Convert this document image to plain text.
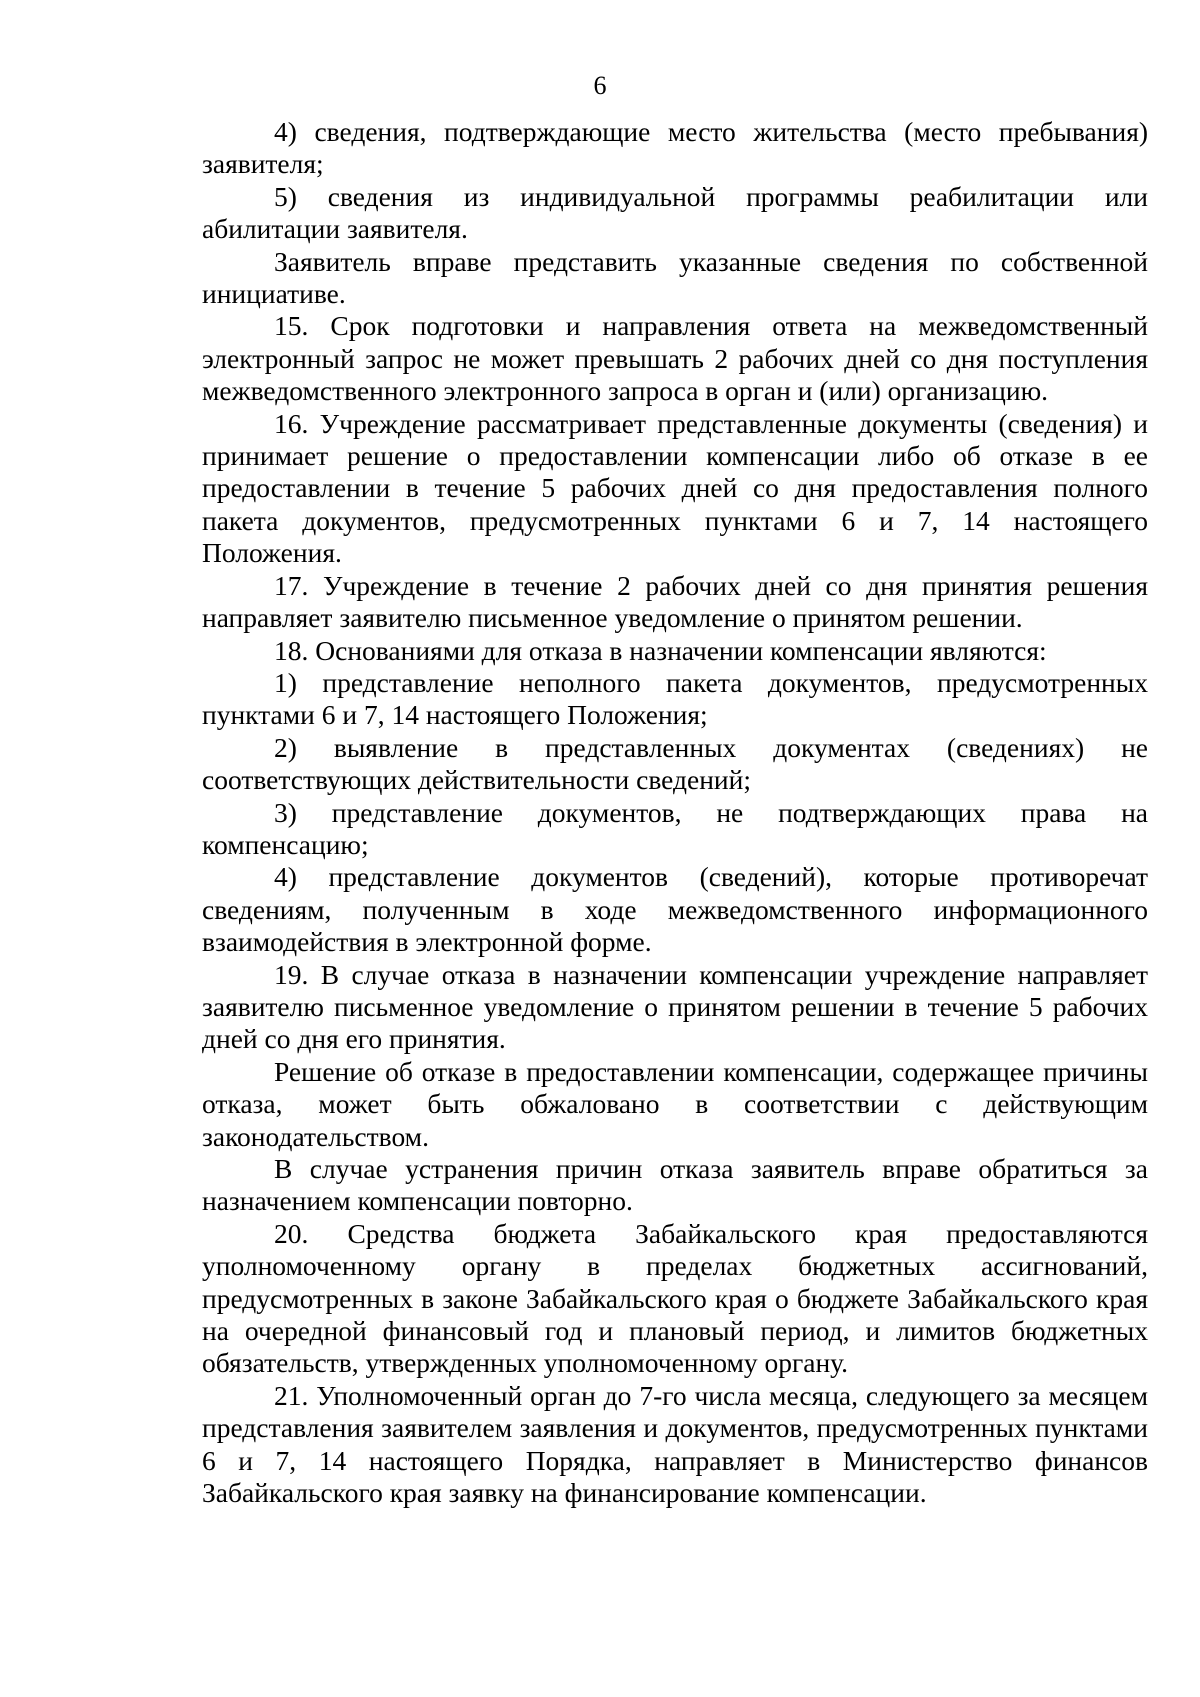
6

4) сведения, подтверждающие место жительства (место пребывания) заявителя;

5) сведения из индивидуальной программы реабилитации или абилитации заявителя.

Заявитель вправе представить указанные сведения по собственной инициативе.

15. Срок подготовки и направления ответа на межведомственный электронный запрос не может превышать 2 рабочих дней со дня поступления межведомственного электронного запроса в орган и (или) организацию.

16. Учреждение рассматривает представленные документы (сведения) и принимает решение о предоставлении компенсации либо об отказе в ее предоставлении в течение 5 рабочих дней со дня предоставления полного пакета документов, предусмотренных пунктами 6 и 7, 14 настоящего Положения.

17. Учреждение в течение 2 рабочих дней со дня принятия решения направляет заявителю письменное уведомление о принятом решении.

18. Основаниями для отказа в назначении компенсации являются:

1) представление неполного пакета документов, предусмотренных пунктами 6 и 7, 14 настоящего Положения;

2) выявление в представленных документах (сведениях) не соответствующих действительности сведений;

3) представление документов, не подтверждающих права на компенсацию;

4) представление документов (сведений), которые противоречат сведениям, полученным в ходе межведомственного информационного взаимодействия в электронной форме.

19. В случае отказа в назначении компенсации учреждение направляет заявителю письменное уведомление о принятом решении в течение 5 рабочих дней со дня его принятия.

Решение об отказе в предоставлении компенсации, содержащее причины отказа, может быть обжаловано в соответствии с действующим законодательством.

В случае устранения причин отказа заявитель вправе обратиться за назначением компенсации повторно.

20. Средства бюджета Забайкальского края предоставляются уполномоченному органу в пределах бюджетных ассигнований, предусмотренных в законе Забайкальского края о бюджете Забайкальского края на очередной финансовый год и плановый период, и лимитов бюджетных обязательств, утвержденных уполномоченному органу.

21. Уполномоченный орган до 7-го числа месяца, следующего за месяцем представления заявителем заявления и документов, предусмотренных пунктами 6 и 7, 14 настоящего Порядка, направляет в Министерство финансов Забайкальского края заявку на финансирование компенсации.
